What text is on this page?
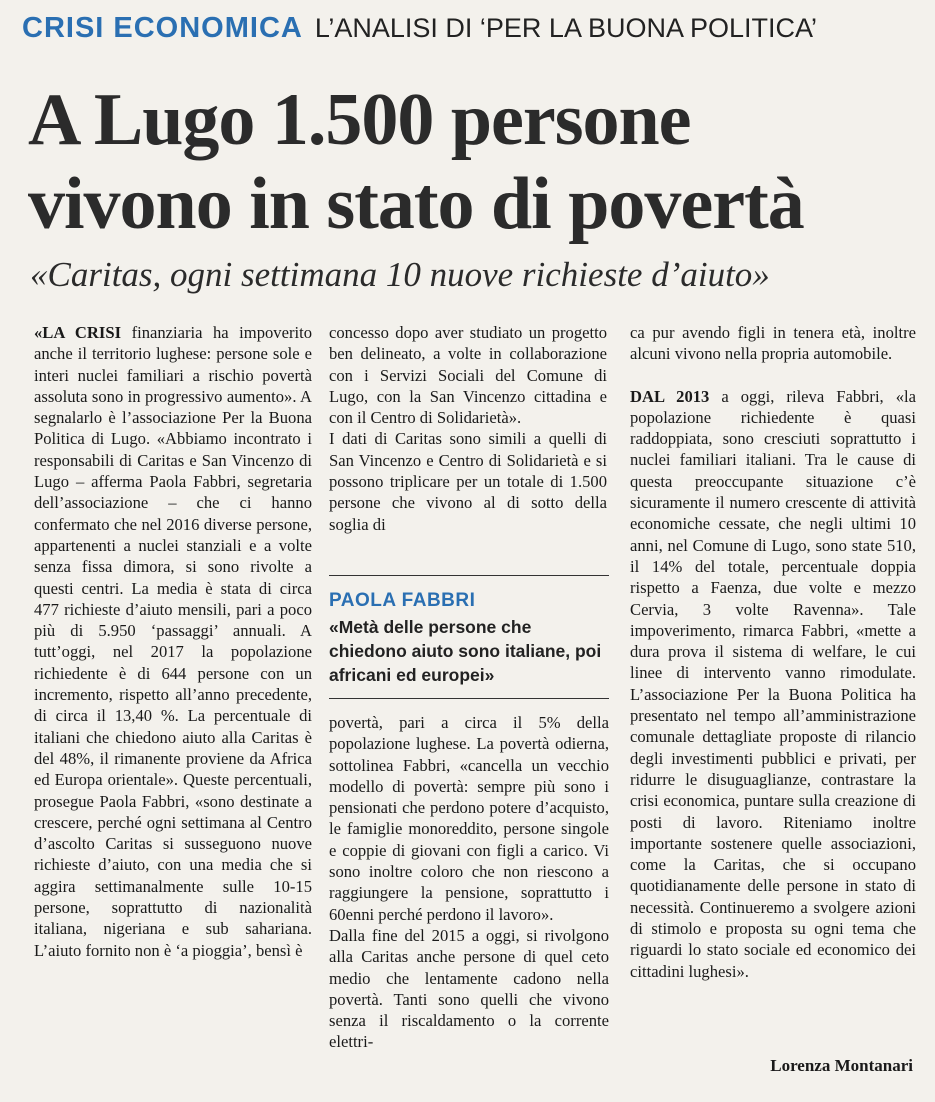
CRISI ECONOMICA L’ANALISI DI ‘PER LA BUONA POLITICA’
A Lugo 1.500 persone
vivono in stato di povertà
«Caritas, ogni settimana 10 nuove richieste d’aiuto»

«LA CRISI finanziaria ha impoverito anche il territorio lughese: persone sole e interi nuclei familiari a rischio povertà assoluta sono in progressivo aumento». A segnalarlo è l’associazione Per la Buona Politica di Lugo. «Abbiamo incontrato i responsabili di Caritas e San Vincenzo di Lugo – afferma Paola Fabbri, segretaria dell’associazione – che ci hanno confermato che nel 2016 diverse persone, appartenenti a nuclei stanziali e a volte senza fissa dimora, si sono rivolte a questi centri. La media è stata di circa 477 richieste d’aiuto mensili, pari a poco più di 5.950 ‘passaggi’ annuali. A tutt’oggi, nel 2017 la popolazione richiedente è di 644 persone con un incremento, rispetto all’anno precedente, di circa il 13,40 %. La percentuale di italiani che chiedono aiuto alla Caritas è del 48%, il rimanente proviene da Africa ed Europa orientale». Queste percentuali, prosegue Paola Fabbri, «sono destinate a crescere, perché ogni settimana al Centro d’ascolto Caritas si susseguono nuove richieste d’aiuto, con una media che si aggira settimanalmente sulle 10-15 persone, soprattutto di nazionalità italiana, nigeriana e sub sahariana. L’aiuto fornito non è ‘a pioggia’, bensì è

concesso dopo aver studiato un progetto ben delineato, a volte in collaborazione con i Servizi Sociali del Comune di Lugo, con la San Vincenzo cittadina e con il Centro di Solidarietà».

I dati di Caritas sono simili a quelli di San Vincenzo e Centro di Solidarietà e si possono triplicare per un totale di 1.500 persone che vivono al di sotto della soglia di

PAOLA FABBRI
«Metà delle persone che chiedono aiuto sono italiane, poi africani ed europei»

povertà, pari a circa il 5% della popolazione lughese. La povertà odierna, sottolinea Fabbri, «cancella un vecchio modello di povertà: sempre più sono i pensionati che perdono potere d’acquisto, le famiglie monoreddito, persone singole e coppie di giovani con figli a carico. Vi sono inoltre coloro che non riescono a raggiungere la pensione, soprattutto i 60enni perché perdono il lavoro».

Dalla fine del 2015 a oggi, si rivolgono alla Caritas anche persone di quel ceto medio che lentamente cadono nella povertà. Tanti sono quelli che vivono senza il riscaldamento o la corrente elettri-

ca pur avendo figli in tenera età, inoltre alcuni vivono nella propria automobile.

DAL 2013 a oggi, rileva Fabbri, «la popolazione richiedente è quasi raddoppiata, sono cresciuti soprattutto i nuclei familiari italiani. Tra le cause di questa preoccupante situazione c’è sicuramente il numero crescente di attività economiche cessate, che negli ultimi 10 anni, nel Comune di Lugo, sono state 510, il 14% del totale, percentuale doppia rispetto a Faenza, due volte e mezzo Cervia, 3 volte Ravenna». Tale impoverimento, rimarca Fabbri, «mette a dura prova il sistema di welfare, le cui linee di intervento vanno rimodulate. L’associazione Per la Buona Politica ha presentato nel tempo all’amministrazione comunale dettagliate proposte di rilancio degli investimenti pubblici e privati, per ridurre le disuguaglianze, contrastare la crisi economica, puntare sulla creazione di posti di lavoro. Riteniamo inoltre importante sostenere quelle associazioni, come la Caritas, che si occupano quotidianamente delle persone in stato di necessità. Continueremo a svolgere azioni di stimolo e proposta su ogni tema che riguardi lo stato sociale ed economico dei cittadini lughesi».

Lorenza Montanari
